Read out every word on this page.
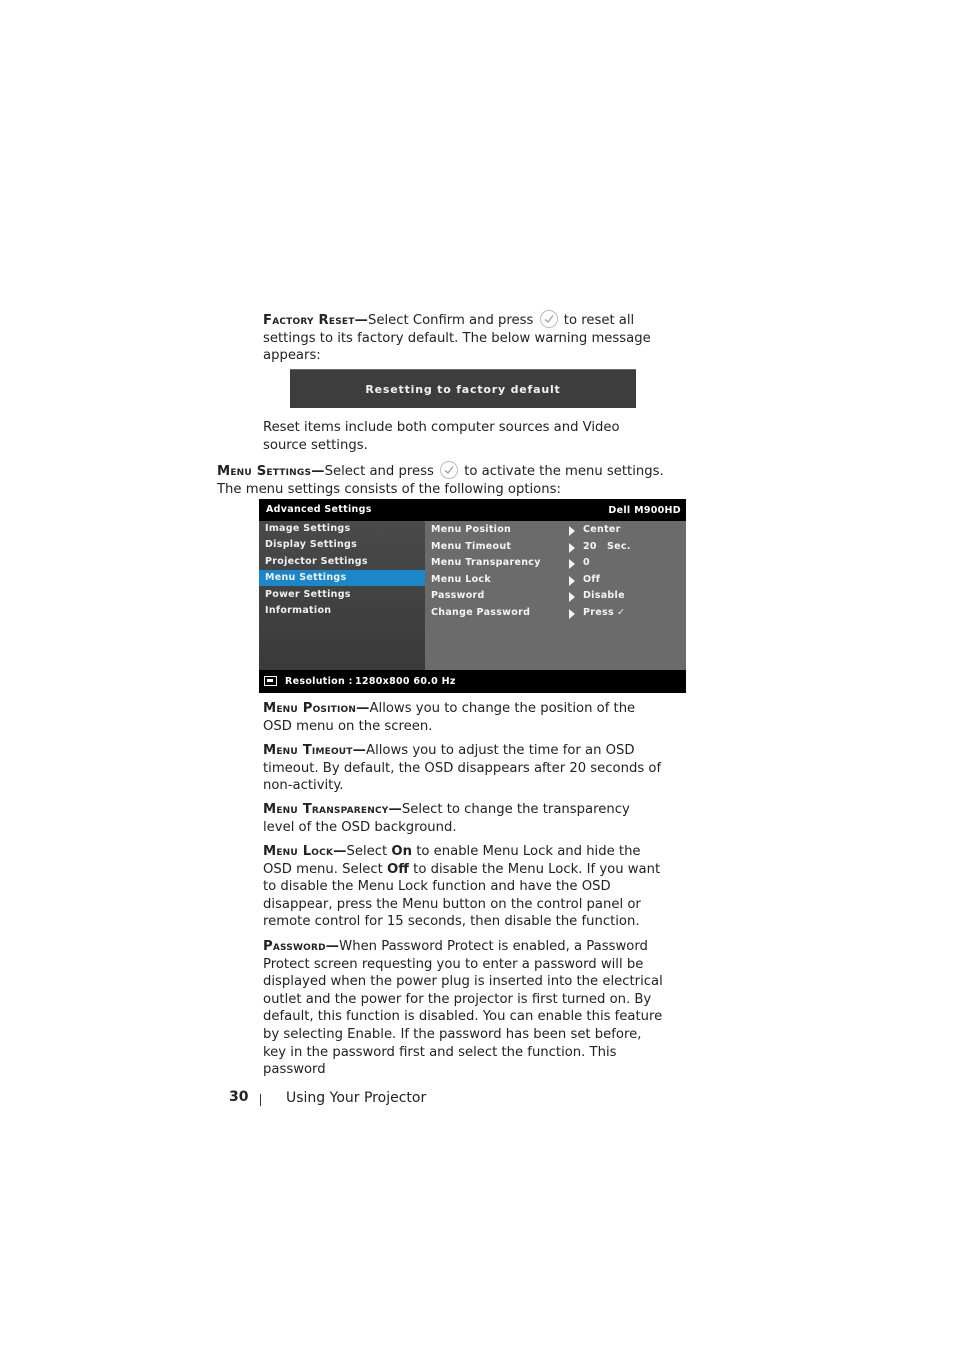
Factory Reset—Select Confirm and press
to reset all settings to its factory default. The below warning message appears:
Resetting to factory default
Reset items include both computer sources and Video source settings.
Menu Settings—Select and press
to activate the menu settings. The menu settings consists of the following options:
Advanced Settings	Dell M900HD
Image Settings
Display Settings
Projector Settings
Menu Settings
Power Settings
Information
Menu Position	Center
Menu Timeout	20 Sec.
Menu Transparency	0
Menu Lock	Off
Password	Disable
Change Password	Press ✓
Resolution : 1280x800 60.0 Hz
Menu Position—Allows you to change the position of the OSD menu on the screen.
Menu Timeout—Allows you to adjust the time for an OSD timeout. By default, the OSD disappears after 20 seconds of non-activity.
Menu Transparency—Select to change the transparency level of the OSD background.
Menu Lock—Select On to enable Menu Lock and hide the OSD menu. Select Off to disable the Menu Lock. If you want to disable the Menu Lock function and have the OSD disappear, press the Menu button on the control panel or remote control for 15 seconds, then disable the function.
Password—When Password Protect is enabled, a Password Protect screen requesting you to enter a password will be displayed when the power plug is inserted into the electrical outlet and the power for the projector is first turned on. By default, this function is disabled. You can enable this feature by selecting Enable. If the password has been set before, key in the password first and select the function. This password
30	Using Your Projector
